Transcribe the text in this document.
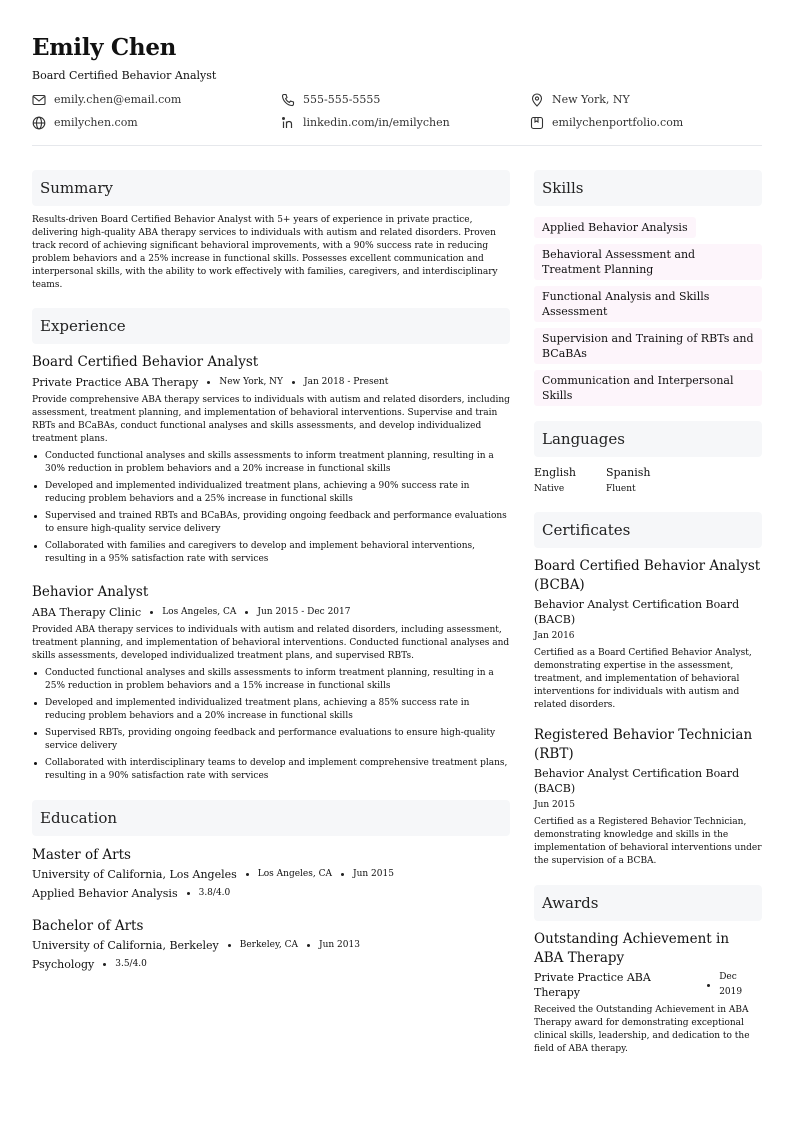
Emily Chen
Board Certified Behavior Analyst
emily.chen@email.com	555-555-5555	New York, NY
emilychen.com	linkedin.com/in/emilychen	emilychenportfolio.com
Summary
Results-driven Board Certified Behavior Analyst with 5+ years of experience in private practice, delivering high-quality ABA therapy services to individuals with autism and related disorders. Proven track record of achieving significant behavioral improvements, with a 90% success rate in reducing problem behaviors and a 25% increase in functional skills. Possesses excellent communication and interpersonal skills, with the ability to work effectively with families, caregivers, and interdisciplinary teams.
Experience
Board Certified Behavior Analyst
Private Practice ABA Therapy New York, NY Jan 2018 - Present
Provide comprehensive ABA therapy services to individuals with autism and related disorders, including assessment, treatment planning, and implementation of behavioral interventions. Supervise and train RBTs and BCaBAs, conduct functional analyses and skills assessments, and develop individualized treatment plans.
Conducted functional analyses and skills assessments to inform treatment planning, resulting in a 30% reduction in problem behaviors and a 20% increase in functional skills
Developed and implemented individualized treatment plans, achieving a 90% success rate in reducing problem behaviors and a 25% increase in functional skills
Supervised and trained RBTs and BCaBAs, providing ongoing feedback and performance evaluations to ensure high-quality service delivery
Collaborated with families and caregivers to develop and implement behavioral interventions, resulting in a 95% satisfaction rate with services
Behavior Analyst
ABA Therapy Clinic Los Angeles, CA Jun 2015 - Dec 2017
Provided ABA therapy services to individuals with autism and related disorders, including assessment, treatment planning, and implementation of behavioral interventions. Conducted functional analyses and skills assessments, developed individualized treatment plans, and supervised RBTs.
Conducted functional analyses and skills assessments to inform treatment planning, resulting in a 25% reduction in problem behaviors and a 15% increase in functional skills
Developed and implemented individualized treatment plans, achieving a 85% success rate in reducing problem behaviors and a 20% increase in functional skills
Supervised RBTs, providing ongoing feedback and performance evaluations to ensure high-quality service delivery
Collaborated with interdisciplinary teams to develop and implement comprehensive treatment plans, resulting in a 90% satisfaction rate with services
Education
Master of Arts
University of California, Los Angeles Los Angeles, CA Jun 2015
Applied Behavior Analysis 3.8/4.0
Bachelor of Arts
University of California, Berkeley Berkeley, CA Jun 2013
Psychology 3.5/4.0
Skills
Applied Behavior Analysis
Behavioral Assessment and Treatment Planning
Functional Analysis and Skills Assessment
Supervision and Training of RBTs and BCaBAs
Communication and Interpersonal Skills
Languages
English
Native
Spanish
Fluent
Certificates
Board Certified Behavior Analyst (BCBA)
Behavior Analyst Certification Board (BACB)
Jan 2016
Certified as a Board Certified Behavior Analyst, demonstrating expertise in the assessment, treatment, and implementation of behavioral interventions for individuals with autism and related disorders.
Registered Behavior Technician (RBT)
Behavior Analyst Certification Board (BACB)
Jun 2015
Certified as a Registered Behavior Technician, demonstrating knowledge and skills in the implementation of behavioral interventions under the supervision of a BCBA.
Awards
Outstanding Achievement in ABA Therapy
Private Practice ABA Therapy
Dec 2019
Received the Outstanding Achievement in ABA Therapy award for demonstrating exceptional clinical skills, leadership, and dedication to the field of ABA therapy.
